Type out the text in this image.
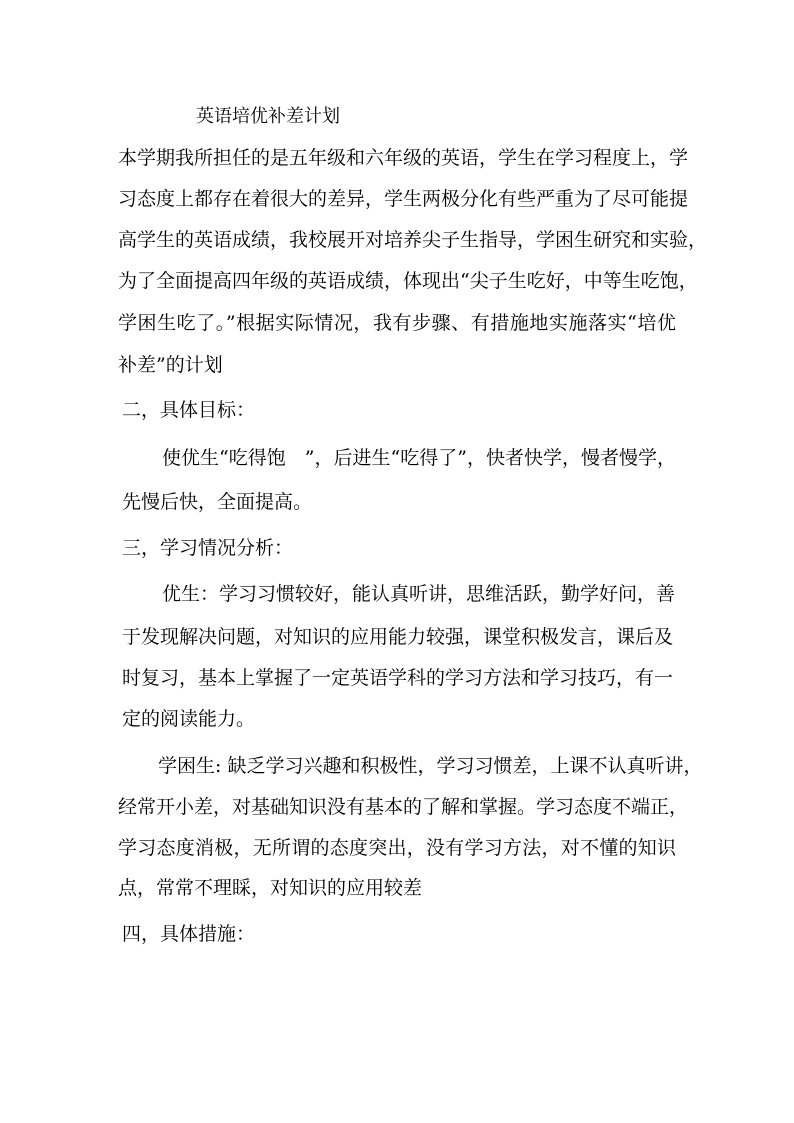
英语培优补差计划
本学期我所担任的是五年级和六年级的英语，学生在学习程度上，学
习态度上都存在着很大的差异，学生两极分化有些严重为了尽可能提
高学生的英语成绩，我校展开对培养尖子生指导，学困生研究和实验，
为了全面提高四年级的英语成绩，体现出“尖子生吃好，中等生吃饱，
学困生吃了。”根据实际情况，我有步骤、有措施地实施落实“培优
补差”的计划
二，具体目标：
使优生“吃得饱　”，后进生“吃得了”，快者快学，慢者慢学，
先慢后快，全面提高。
三，学习情况分析：
优生：学习习惯较好，能认真听讲，思维活跃，勤学好问，善
于发现解决问题，对知识的应用能力较强，课堂积极发言，课后及
时复习，基本上掌握了一定英语学科的学习方法和学习技巧，有一
定的阅读能力。
学困生: 缺乏学习兴趣和积极性，学习习惯差，上课不认真听讲，
经常开小差，对基础知识没有基本的了解和掌握。学习态度不端正，
学习态度消极，无所谓的态度突出，没有学习方法，对不懂的知识
点，常常不理睬，对知识的应用较差
四，具体措施：
